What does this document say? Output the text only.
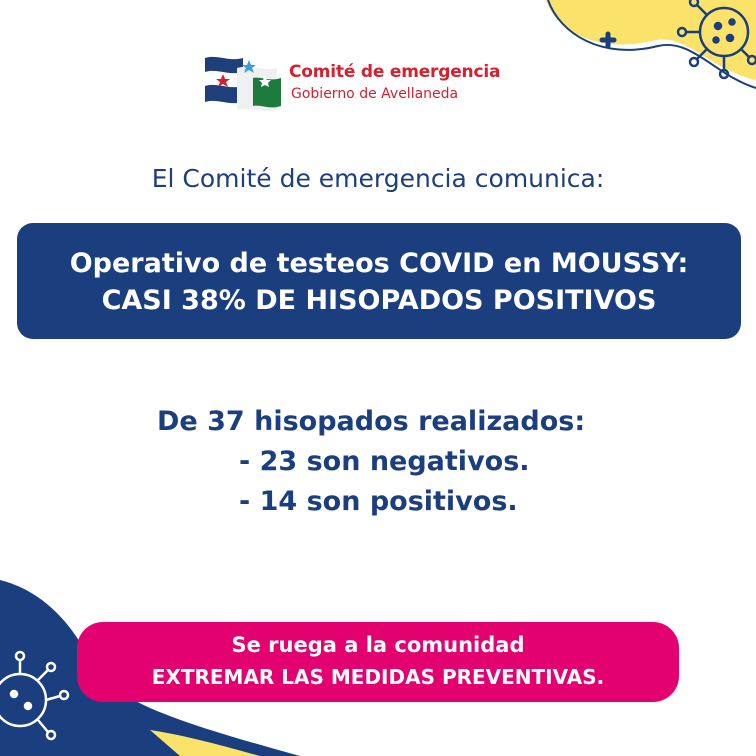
Comité de emergencia
Gobierno de Avellaneda
El Comité de emergencia comunica:
Operativo de testeos COVID en MOUSSY:
CASI 38% DE HISOPADOS POSITIVOS
De 37 hisopados realizados:
- 23 son negativos.
- 14 son positivos.
Se ruega a la comunidad
EXTREMAR LAS MEDIDAS PREVENTIVAS.
